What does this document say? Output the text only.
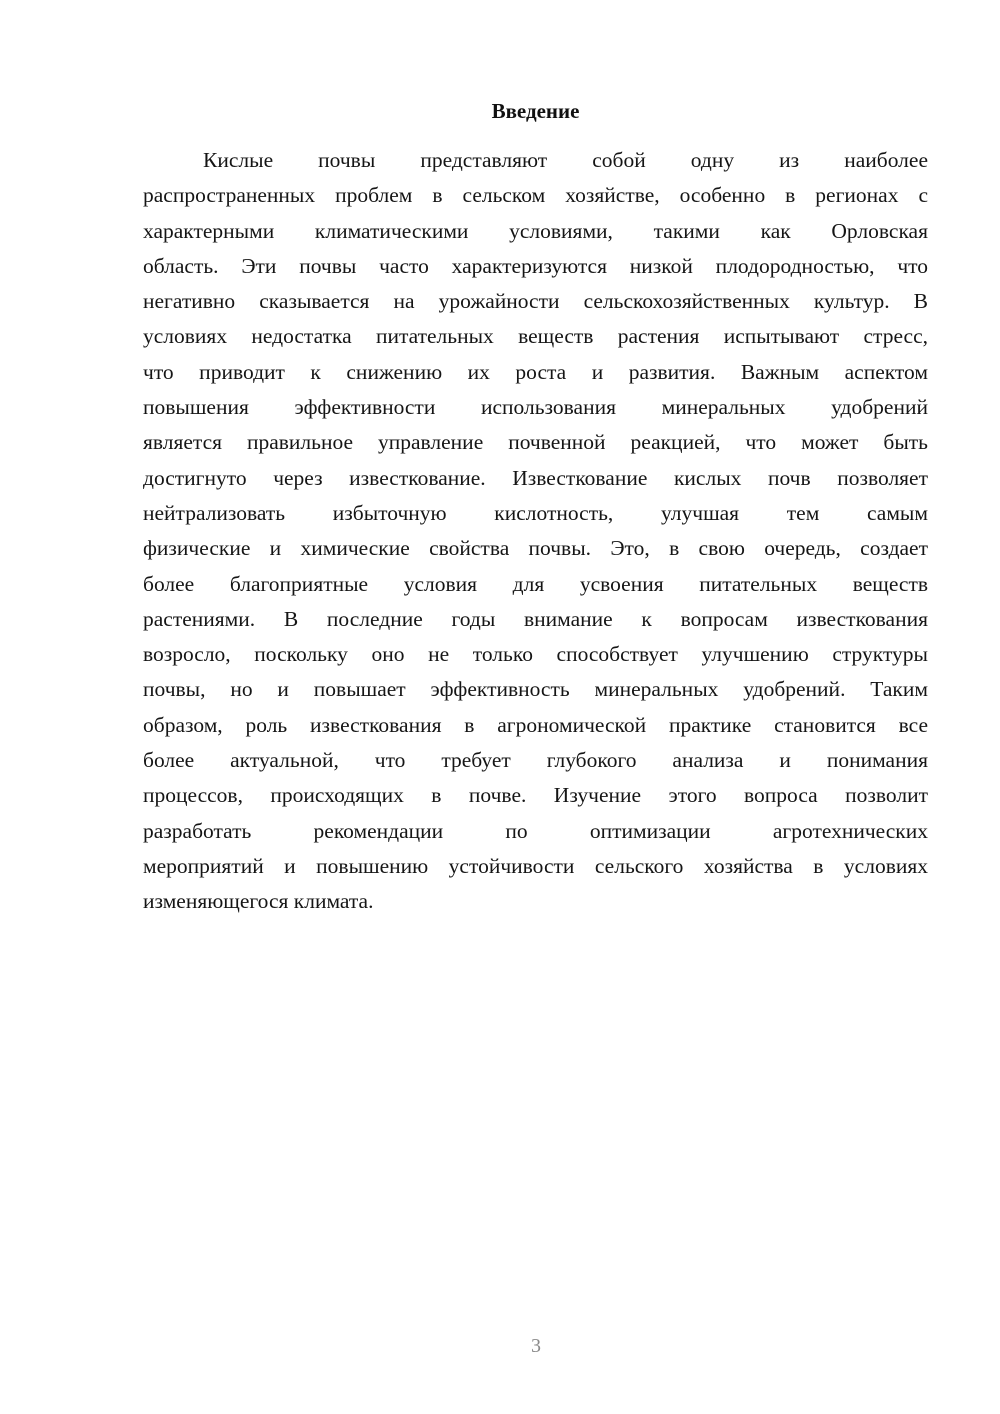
Введение
Кислые почвы представляют собой одну из наиболее
распространенных проблем в сельском хозяйстве, особенно в регионах с
характерными климатическими условиями, такими как Орловская
область. Эти почвы часто характеризуются низкой плодородностью, что
негативно сказывается на урожайности сельскохозяйственных культур. В
условиях недостатка питательных веществ растения испытывают стресс,
что приводит к снижению их роста и развития. Важным аспектом
повышения эффективности использования минеральных удобрений
является правильное управление почвенной реакцией, что может быть
достигнуто через известкование. Известкование кислых почв позволяет
нейтрализовать избыточную кислотность, улучшая тем самым
физические и химические свойства почвы. Это, в свою очередь, создает
более благоприятные условия для усвоения питательных веществ
растениями. В последние годы внимание к вопросам известкования
возросло, поскольку оно не только способствует улучшению структуры
почвы, но и повышает эффективность минеральных удобрений. Таким
образом, роль известкования в агрономической практике становится все
более актуальной, что требует глубокого анализа и понимания
процессов, происходящих в почве. Изучение этого вопроса позволит
разработать рекомендации по оптимизации агротехнических
мероприятий и повышению устойчивости сельского хозяйства в условиях
изменяющегося климата.
3
